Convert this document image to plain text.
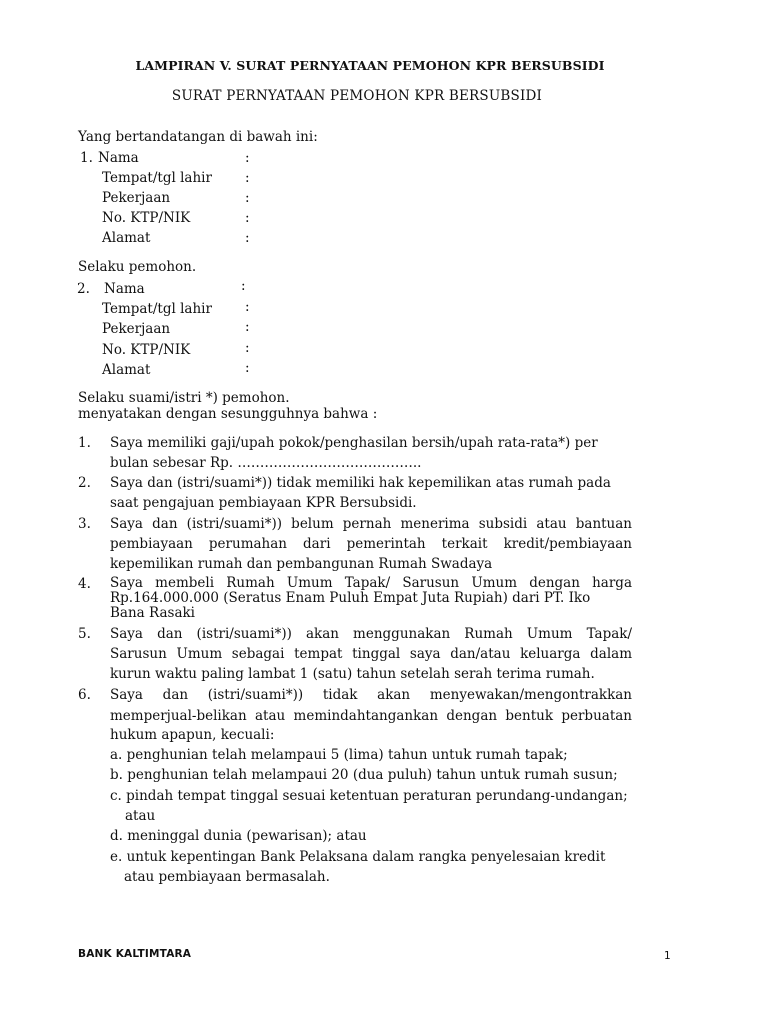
LAMPIRAN V. SURAT PERNYATAAN PEMOHON KPR BERSUBSIDI
SURAT PERNYATAAN PEMOHON KPR BERSUBSIDI
Yang bertandatangan di bawah ini:
1. Nama	:
Tempat/tgl lahir :
Pekerjaan	:
No. KTP/NIK	:
Alamat	:
Selaku pemohon.
2. Nama	:
Tempat/tgl lahir :
Pekerjaan	:
No. KTP/NIK	:
Alamat	:
Selaku suami/istri *) pemohon.
menyatakan dengan sesungguhnya bahwa :
1. Saya memiliki gaji/upah pokok/penghasilan bersih/upah rata-rata*) per
bulan sebesar Rp. …………………………………..
2. Saya dan (istri/suami*)) tidak memiliki hak kepemilikan atas rumah pada
saat pengajuan pembiayaan KPR Bersubsidi.
3. Saya dan (istri/suami*)) belum pernah menerima subsidi atau bantuan
pembiayaan perumahan dari pemerintah terkait kredit/pembiayaan
kepemilikan rumah dan pembangunan Rumah Swadaya
4. Saya membeli Rumah Umum Tapak/ Sarusun Umum dengan harga
Rp.164.000.000 (Seratus Enam Puluh Empat Juta Rupiah) dari PT. Iko
Bana Rasaki
5. Saya dan (istri/suami*)) akan menggunakan Rumah Umum Tapak/
Sarusun Umum sebagai tempat tinggal saya dan/atau keluarga dalam
kurun waktu paling lambat 1 (satu) tahun setelah serah terima rumah.
6. Saya dan (istri/suami*)) tidak akan menyewakan/mengontrakkan
memperjual-belikan atau memindahtangankan dengan bentuk perbuatan
hukum apapun, kecuali:
a. penghunian telah melampaui 5 (lima) tahun untuk rumah tapak;
b. penghunian telah melampaui 20 (dua puluh) tahun untuk rumah susun;
c. pindah tempat tinggal sesuai ketentuan peraturan perundang-undangan;
atau
d. meninggal dunia (pewarisan); atau
e. untuk kepentingan Bank Pelaksana dalam rangka penyelesaian kredit
atau pembiayaan bermasalah.
BANK KALTIMTARA	1
